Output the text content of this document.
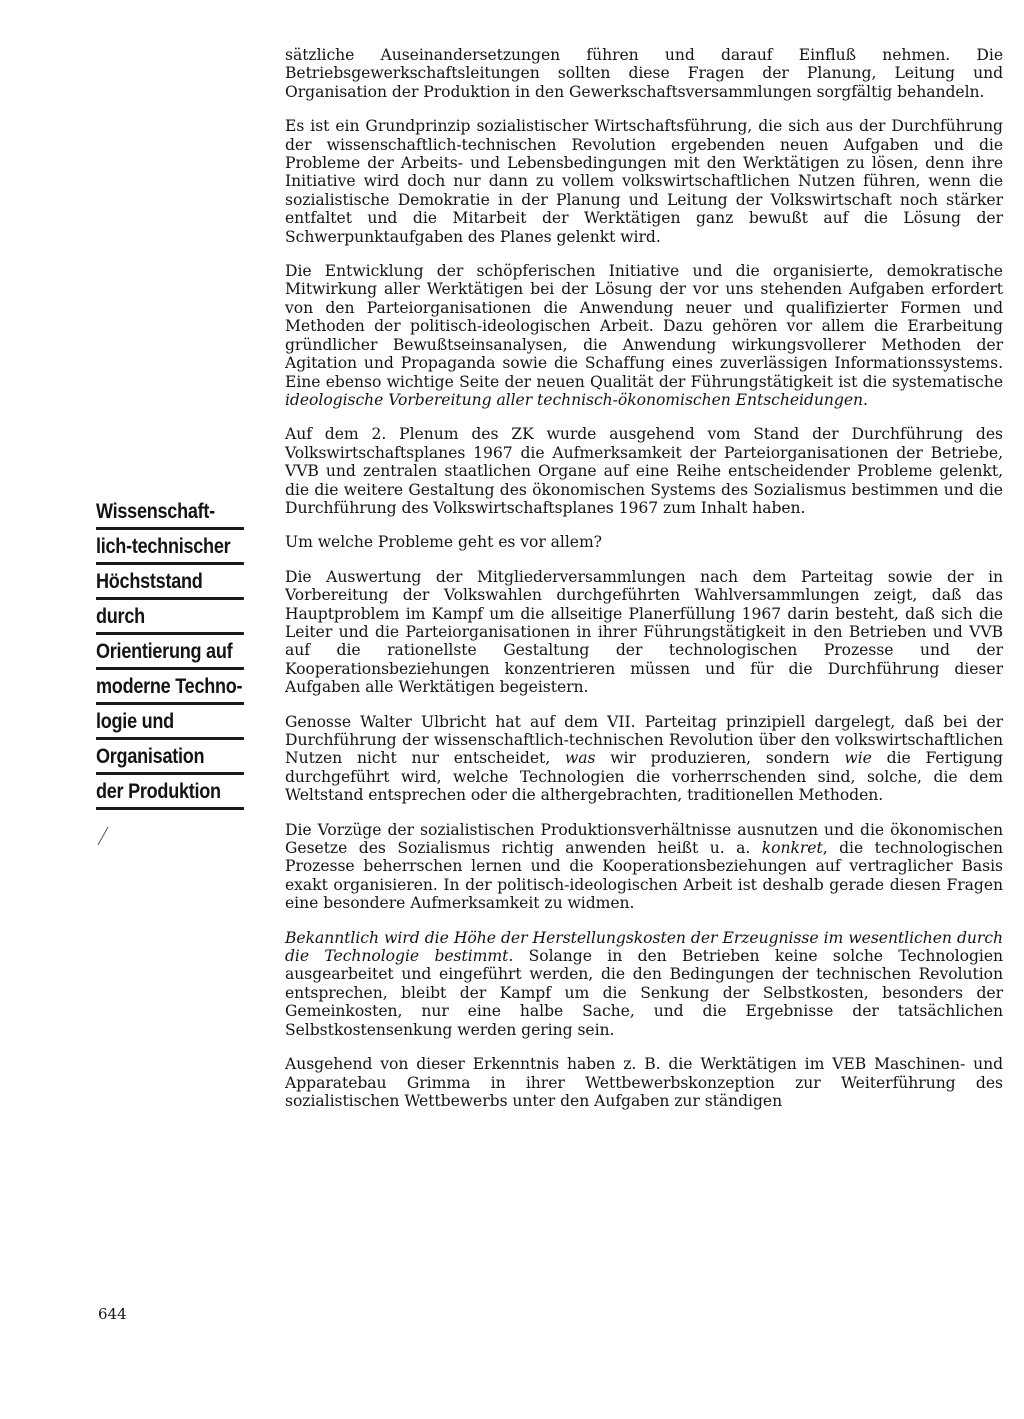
sätzliche Auseinandersetzungen führen und darauf Einfluß nehmen. Die Betriebsgewerkschaftsleitungen sollten diese Fragen der Planung, Leitung und Organisation der Produktion in den Gewerkschaftsversammlungen sorgfältig behandeln.

Es ist ein Grundprinzip sozialistischer Wirtschaftsführung, die sich aus der Durchführung der wissenschaftlich-technischen Revolution ergebenden neuen Aufgaben und die Probleme der Arbeits- und Lebensbedingungen mit den Werktätigen zu lösen, denn ihre Initiative wird doch nur dann zu vollem volkswirtschaftlichen Nutzen führen, wenn die sozialistische Demokratie in der Planung und Leitung der Volkswirtschaft noch stärker entfaltet und die Mitarbeit der Werktätigen ganz bewußt auf die Lösung der Schwerpunktaufgaben des Planes gelenkt wird.

Die Entwicklung der schöpferischen Initiative und die organisierte, demokratische Mitwirkung aller Werktätigen bei der Lösung der vor uns stehenden Aufgaben erfordert von den Parteiorganisationen die Anwendung neuer und qualifizierter Formen und Methoden der politisch-ideologischen Arbeit. Dazu gehören vor allem die Erarbeitung gründlicher Bewußtseinsanalysen, die Anwendung wirkungsvollerer Methoden der Agitation und Propaganda sowie die Schaffung eines zuverlässigen Informationssystems. Eine ebenso wichtige Seite der neuen Qualität der Führungstätigkeit ist die systematische ideologische Vorbereitung aller technisch-ökonomischen Entscheidungen.

Auf dem 2. Plenum des ZK wurde ausgehend vom Stand der Durchführung des Volkswirtschaftsplanes 1967 die Aufmerksamkeit der Parteiorganisationen der Betriebe, VVB und zentralen staatlichen Organe auf eine Reihe entscheidender Probleme gelenkt, die die weitere Gestaltung des ökonomischen Systems des Sozialismus bestimmen und die Durchführung des Volkswirtschaftsplanes 1967 zum Inhalt haben.

Um welche Probleme geht es vor allem?

Die Auswertung der Mitgliederversammlungen nach dem Parteitag sowie der in Vorbereitung der Volkswahlen durchgeführten Wahlversammlungen zeigt, daß das Hauptproblem im Kampf um die allseitige Planerfüllung 1967 darin besteht, daß sich die Leiter und die Parteiorganisationen in ihrer Führungstätigkeit in den Betrieben und VVB auf die rationellste Gestaltung der technologischen Prozesse und der Kooperationsbeziehungen konzentrieren müssen und für die Durchführung dieser Aufgaben alle Werktätigen begeistern.

Genosse Walter Ulbricht hat auf dem VII. Parteitag prinzipiell dargelegt, daß bei der Durchführung der wissenschaftlich-technischen Revolution über den volkswirtschaftlichen Nutzen nicht nur entscheidet, was wir produzieren, sondern wie die Fertigung durchgeführt wird, welche Technologien die vorherrschenden sind, solche, die dem Weltstand entsprechen oder die althergebrachten, traditionellen Methoden.

Die Vorzüge der sozialistischen Produktionsverhältnisse ausnutzen und die ökonomischen Gesetze des Sozialismus richtig anwenden heißt u. a. konkret, die technologischen Prozesse beherrschen lernen und die Kooperationsbeziehungen auf vertraglicher Basis exakt organisieren. In der politisch-ideologischen Arbeit ist deshalb gerade diesen Fragen eine besondere Aufmerksamkeit zu widmen.

Bekanntlich wird die Höhe der Herstellungskosten der Erzeugnisse im wesentlichen durch die Technologie bestimmt. Solange in den Betrieben keine solche Technologien ausgearbeitet und eingeführt werden, die den Bedingungen der technischen Revolution entsprechen, bleibt der Kampf um die Senkung der Selbstkosten, besonders der Gemeinkosten, nur eine halbe Sache, und die Ergebnisse der tatsächlichen Selbstkostensenkung werden gering sein.

Ausgehend von dieser Erkenntnis haben z. B. die Werktätigen im VEB Maschinen- und Apparatebau Grimma in ihrer Wettbewerbskonzeption zur Weiterführung des sozialistischen Wettbewerbs unter den Aufgaben zur ständigen

Wissenschaft-
lich-technischer
Höchststand
durch
Orientierung auf
moderne Techno-
logie und
Organisation
der Produktion
644
